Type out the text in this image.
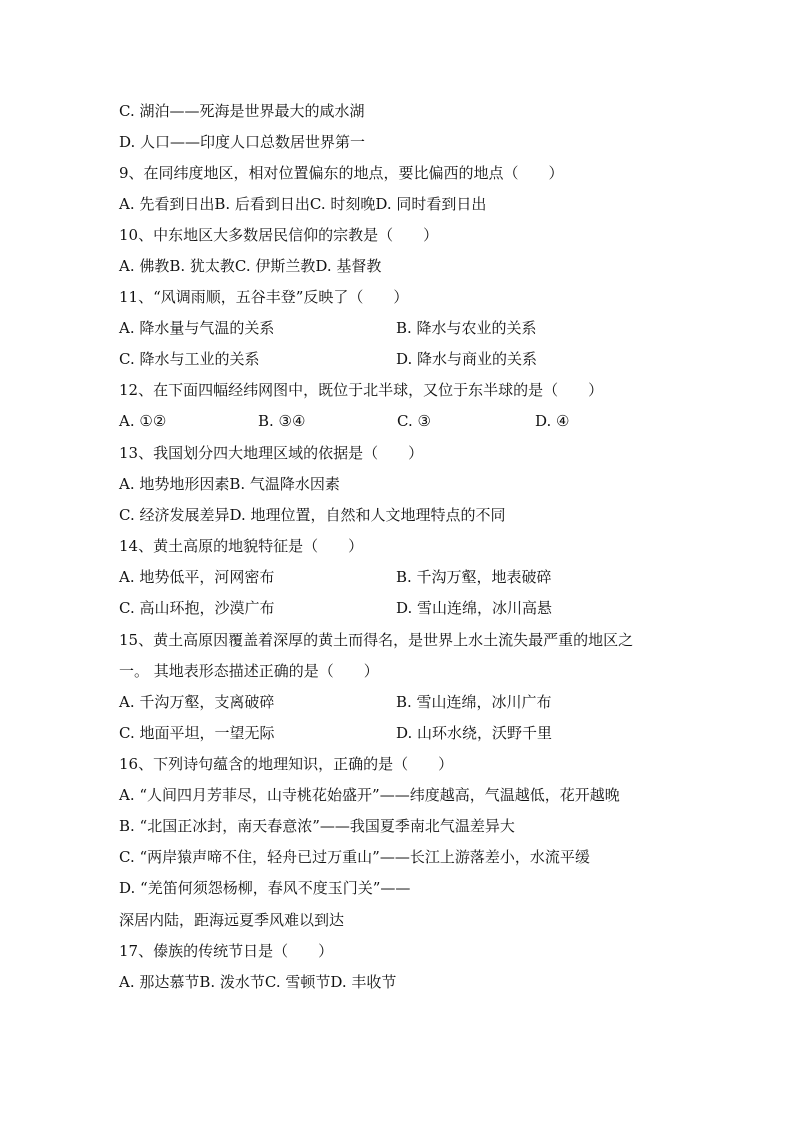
C. 湖泊——死海是世界最大的咸水湖
D. 人口——印度人口总数居世界第一
9、在同纬度地区，相对位置偏东的地点，要比偏西的地点（　　）
A. 先看到日出B. 后看到日出C. 时刻晚D. 同时看到日出
10、中东地区大多数居民信仰的宗教是（　　）
A. 佛教B. 犹太教C. 伊斯兰教D. 基督教
11、“风调雨顺，五谷丰登”反映了（　　）
A. 降水量与气温的关系	B. 降水与农业的关系
C. 降水与工业的关系	D. 降水与商业的关系
12、在下面四幅经纬网图中，既位于北半球，又位于东半球的是（　　）
A. ①②	B. ③④	C. ③	D. ④
13、我国划分四大地理区域的依据是（　　）
A. 地势地形因素B. 气温降水因素
C. 经济发展差异D. 地理位置，自然和人文地理特点的不同
14、黄土高原的地貌特征是（　　）
A. 地势低平，河网密布	B. 千沟万壑，地表破碎
C. 高山环抱，沙漠广布	D. 雪山连绵，冰川高悬
15、黄土高原因覆盖着深厚的黄土而得名，是世界上水土流失最严重的地区之
一。 其地表形态描述正确的是（　　）
A. 千沟万壑，支离破碎	B. 雪山连绵，冰川广布
C. 地面平坦，一望无际	D. 山环水绕，沃野千里
16、下列诗句蕴含的地理知识，正确的是（　　）
A. “人间四月芳菲尽，山寺桃花始盛开”——纬度越高，气温越低，花开越晚
B. “北国正冰封，南天春意浓”——我国夏季南北气温差异大
C. “两岸猿声啼不住，轻舟已过万重山”——长江上游落差小，水流平缓
D. “羌笛何须怨杨柳，春风不度玉门关”——
深居内陆，距海远夏季风难以到达
17、傣族的传统节日是（　　）
A. 那达慕节B. 泼水节C. 雪顿节D. 丰收节
